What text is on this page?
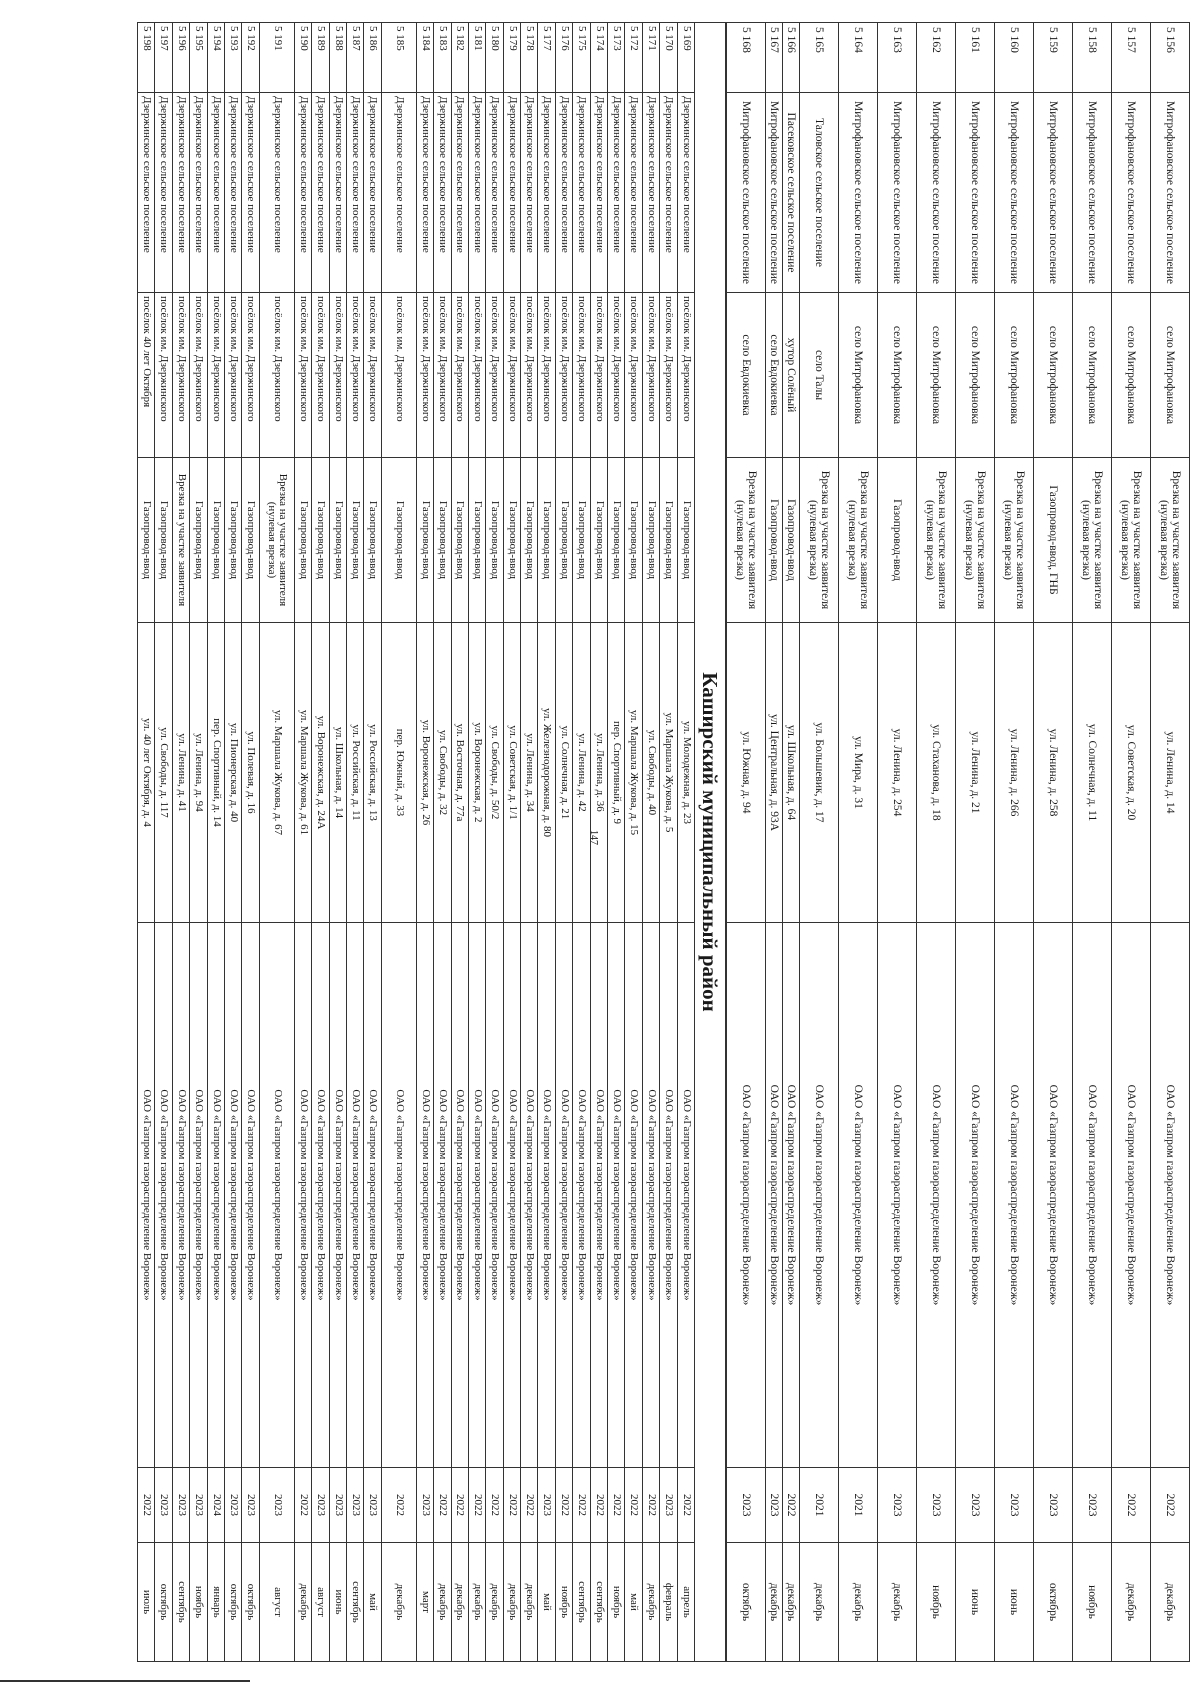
147
5 156
Митрофановское сельское поселение
село Митрофановка
Врезка на участке заявителя (нулевая врезка)
ул. Ленина, д. 14
ОАО «Газпром газораспределение Воронеж»
2022
декабрь
5 157
Митрофановское сельское поселение
село Митрофановка
Врезка на участке заявителя (нулевая врезка)
ул. Советская, д. 20
ОАО «Газпром газораспределение Воронеж»
2022
декабрь
5 158
Митрофановское сельское поселение
село Митрофановка
Врезка на участке заявителя (нулевая врезка)
ул. Солнечная, д. 11
ОАО «Газпром газораспределение Воронеж»
2023
ноябрь
5 159
Митрофановское сельское поселение
село Митрофановка
Газопровод-ввод, ГНБ
ул. Ленина, д. 258
ОАО «Газпром газораспределение Воронеж»
2023
октябрь
5 160
Митрофановское сельское поселение
село Митрофановка
Врезка на участке заявителя (нулевая врезка)
ул. Ленина, д. 266
ОАО «Газпром газораспределение Воронеж»
2023
июнь
5 161
Митрофановское сельское поселение
село Митрофановка
Врезка на участке заявителя (нулевая врезка)
ул. Ленина, д. 21
ОАО «Газпром газораспределение Воронеж»
2023
июнь
5 162
Митрофановское сельское поселение
село Митрофановка
Врезка на участке заявителя (нулевая врезка)
ул. Стаханова, д. 18
ОАО «Газпром газораспределение Воронеж»
2023
ноябрь
5 163
Митрофановское сельское поселение
село Митрофановка
Газопровод-ввод
ул. Ленина, д. 254
ОАО «Газпром газораспределение Воронеж»
2023
декабрь
5 164
Митрофановское сельское поселение
село Митрофановка
Врезка на участке заявителя (нулевая врезка)
ул. Мира, д. 31
ОАО «Газпром газораспределение Воронеж»
2021
декабрь
5 165
Таловское сельское поселение
село Талы
Врезка на участке заявителя (нулевая врезка)
ул. Большевик, д. 17
ОАО «Газпром газораспределение Воронеж»
2021
декабрь
5 166
Пасековское сельское поселение
хутор Солёный
Газопровод-ввод
ул. Школьная, д. 64
ОАО «Газпром газораспределение Воронеж»
2022
декабрь
5 167
Митрофановское сельское поселение
село Евдокиевка
Газопровод-ввод
ул. Центральная, д. 93А
ОАО «Газпром газораспределение Воронеж»
2023
декабрь
5 168
Митрофановское сельское поселение
село Евдокиевка
Врезка на участке заявителя (нулевая врезка)
ул. Южная, д. 94
ОАО «Газпром газораспределение Воронеж»
2023
октябрь
Каширский муниципальный район
5 169
Дзержинское сельское поселение
посёлок им. Дзержинского
Газопровод-ввод
ул. Молодежная, д. 23
ОАО «Газпром газораспределение Воронеж»
2022
апрель
5 170
Дзержинское сельское поселение
посёлок им. Дзержинского
Газопровод-ввод
ул. Маршала Жукова, д. 5
ОАО «Газпром газораспределение Воронеж»
2023
февраль
5 171
Дзержинское сельское поселение
посёлок им. Дзержинского
Газопровод-ввод
ул. Свободы, д. 40
ОАО «Газпром газораспределение Воронеж»
2022
декабрь
5 172
Дзержинское сельское поселение
посёлок им. Дзержинского
Газопровод-ввод
ул. Маршала Жукова, д. 15
ОАО «Газпром газораспределение Воронеж»
2022
май
5 173
Дзержинское сельское поселение
посёлок им. Дзержинского
Газопровод-ввод
пер. Спортивный, д. 9
ОАО «Газпром газораспределение Воронеж»
2022
ноябрь
5 174
Дзержинское сельское поселение
посёлок им. Дзержинского
Газопровод-ввод
ул. Ленина, д. 36
ОАО «Газпром газораспределение Воронеж»
2022
сентябрь
5 175
Дзержинское сельское поселение
посёлок им. Дзержинского
Газопровод-ввод
ул. Ленина, д. 42
ОАО «Газпром газораспределение Воронеж»
2022
сентябрь
5 176
Дзержинское сельское поселение
посёлок им. Дзержинского
Газопровод-ввод
ул. Солнечная, д. 21
ОАО «Газпром газораспределение Воронеж»
2022
ноябрь
5 177
Дзержинское сельское поселение
посёлок им. Дзержинского
Газопровод-ввод
ул. Железнодорожная, д. 80
ОАО «Газпром газораспределение Воронеж»
2023
май
5 178
Дзержинское сельское поселение
посёлок им. Дзержинского
Газопровод-ввод
ул. Ленина, д. 34
ОАО «Газпром газораспределение Воронеж»
2022
декабрь
5 179
Дзержинское сельское поселение
посёлок им. Дзержинского
Газопровод-ввод
ул. Советская, д. 1/1
ОАО «Газпром газораспределение Воронеж»
2022
декабрь
5 180
Дзержинское сельское поселение
посёлок им. Дзержинского
Газопровод-ввод
ул. Свободы, д. 50/2
ОАО «Газпром газораспределение Воронеж»
2022
декабрь
5 181
Дзержинское сельское поселение
посёлок им. Дзержинского
Газопровод-ввод
ул. Воронежская, д. 2
ОАО «Газпром газораспределение Воронеж»
2022
декабрь
5 182
Дзержинское сельское поселение
посёлок им. Дзержинского
Газопровод-ввод
ул. Восточная, д. 77а
ОАО «Газпром газораспределение Воронеж»
2022
декабрь
5 183
Дзержинское сельское поселение
посёлок им. Дзержинского
Газопровод-ввод
ул. Свободы, д. 32
ОАО «Газпром газораспределение Воронеж»
2022
декабрь
5 184
Дзержинское сельское поселение
посёлок им. Дзержинского
Газопровод-ввод
ул. Воронежская, д. 26
ОАО «Газпром газораспределение Воронеж»
2023
март
5 185
Дзержинское сельское поселение
посёлок им. Дзержинского
Газопровод-ввод
пер. Южный, д. 33
ОАО «Газпром газораспределение Воронеж»
2022
декабрь
5 186
Дзержинское сельское поселение
посёлок им. Дзержинского
Газопровод-ввод
ул. Российская, д. 13
ОАО «Газпром газораспределение Воронеж»
2023
май
5 187
Дзержинское сельское поселение
посёлок им. Дзержинского
Газопровод-ввод
ул. Российская, д. 11
ОАО «Газпром газораспределение Воронеж»
2023
сентябрь
5 188
Дзержинское сельское поселение
посёлок им. Дзержинского
Газопровод-ввод
ул. Школьная, д. 14
ОАО «Газпром газораспределение Воронеж»
2023
июнь
5 189
Дзержинское сельское поселение
посёлок им. Дзержинского
Газопровод-ввод
ул. Воронежская, д. 24А
ОАО «Газпром газораспределение Воронеж»
2023
август
5 190
Дзержинское сельское поселение
посёлок им. Дзержинского
Газопровод-ввод
ул. Маршала Жукова, д. 61
ОАО «Газпром газораспределение Воронеж»
2022
декабрь
5 191
Дзержинское сельское поселение
посёлок им. Дзержинского
Врезка на участке заявителя (нулевая врезка)
ул. Маршала Жукова, д. 67
ОАО «Газпром газораспределение Воронеж»
2023
август
5 192
Дзержинское сельское поселение
посёлок им. Дзержинского
Газопровод-ввод
ул. Полевая, д. 16
ОАО «Газпром газораспределение Воронеж»
2023
октябрь
5 193
Дзержинское сельское поселение
посёлок им. Дзержинского
Газопровод-ввод
ул. Пионерская, д. 40
ОАО «Газпром газораспределение Воронеж»
2023
октябрь
5 194
Дзержинское сельское поселение
посёлок им. Дзержинского
Газопровод-ввод
пер. Спортивный, д. 14
ОАО «Газпром газораспределение Воронеж»
2024
январь
5 195
Дзержинское сельское поселение
посёлок им. Дзержинского
Газопровод-ввод
ул. Ленина, д. 94
ОАО «Газпром газораспределение Воронеж»
2023
ноябрь
5 196
Дзержинское сельское поселение
посёлок им. Дзержинского
Врезка на участке заявителя
ул. Ленина, д. 41
ОАО «Газпром газораспределение Воронеж»
2023
сентябрь
5 197
Дзержинское сельское поселение
посёлок им. Дзержинского
Газопровод-ввод
ул. Свободы, д. 117
ОАО «Газпром газораспределение Воронеж»
2023
октябрь
5 198
Дзержинское сельское поселение
посёлок 40 лет Октября
Газопровод-ввод
ул. 40 лет Октября, д. 4
ОАО «Газпром газораспределение Воронеж»
2022
июль
